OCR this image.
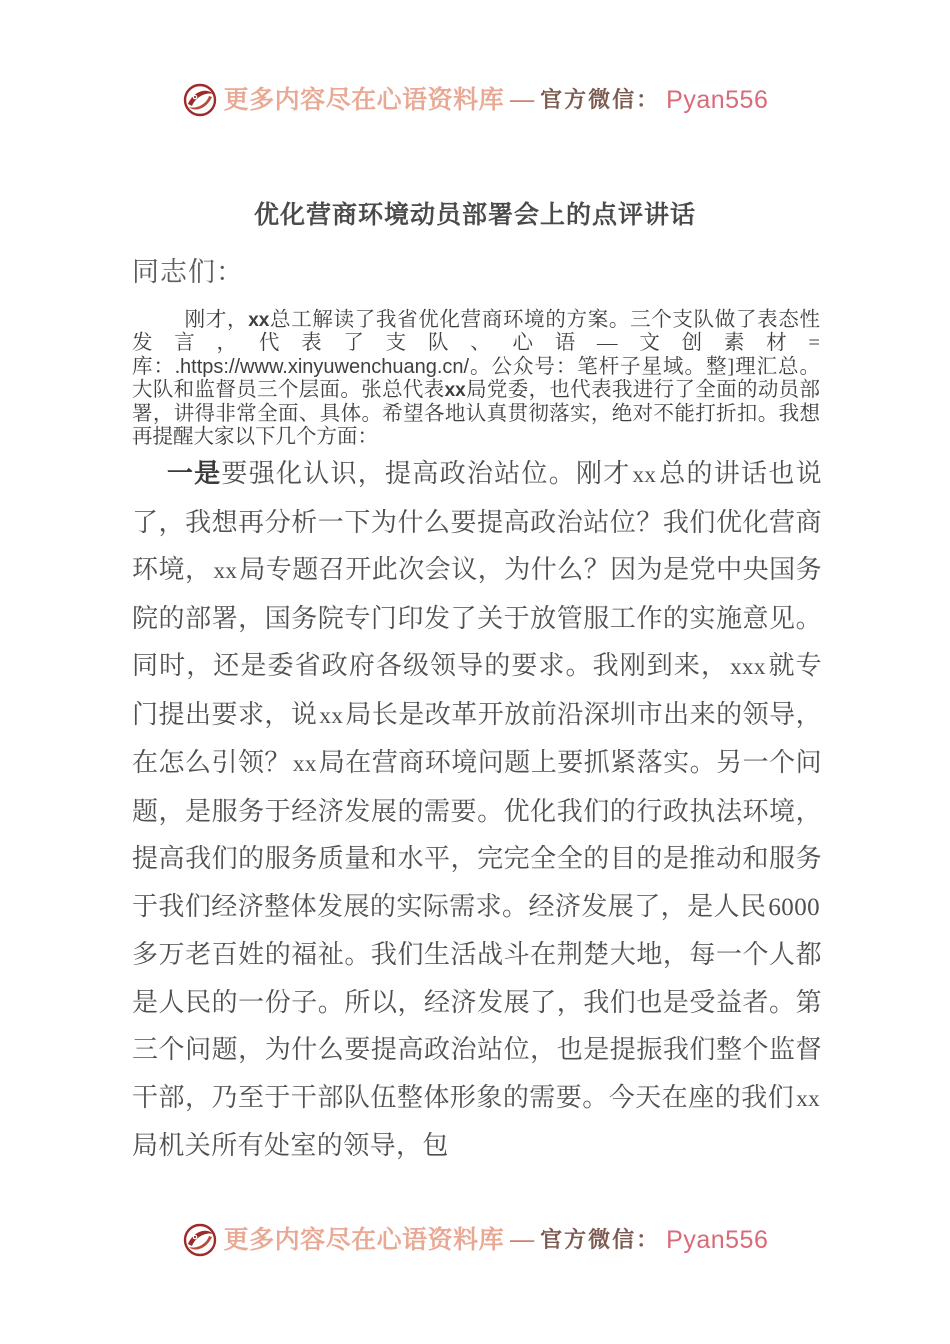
更多内容尽在心语资料库 — 官方微信： Pyan556
优化营商环境动员部署会上的点评讲话
同志们：

刚才，xx总工解读了我省优化营商环境的方案。三个支队做了表态性发言，代表了支队、心语—文创素材=库：.https://www.xinyuwenchuang.cn/。公众号：笔杆子星域。整]理汇总。大队和监督员三个层面。张总代表xx局党委，也代表我进行了全面的动员部署，讲得非常全面、具体。希望各地认真贯彻落实，绝对不能打折扣。我想再提醒大家以下几个方面：

一是要强化认识，提高政治站位。刚才xx总的讲话也说了，我想再分析一下为什么要提高政治站位？我们优化营商环境，xx局专题召开此次会议，为什么？因为是党中央国务院的部署，国务院专门印发了关于放管服工作的实施意见。同时，还是委省政府各级领导的要求。我刚到来，xxx就专门提出要求，说xx局长是改革开放前沿深圳市出来的领导，在怎么引领？xx局在营商环境问题上要抓紧落实。另一个问题，是服务于经济发展的需要。优化我们的行政执法环境，提高我们的服务质量和水平，完完全全的目的是推动和服务于我们经济整体发展的实际需求。经济发展了，是人民6000多万老百姓的福祉。我们生活战斗在荆楚大地，每一个人都是人民的一份子。所以，经济发展了，我们也是受益者。第三个问题，为什么要提高政治站位，也是提振我们整个监督干部，乃至于干部队伍整体形象的需要。今天在座的我们xx局机关所有处室的领导，包

更多内容尽在心语资料库 — 官方微信： Pyan556
